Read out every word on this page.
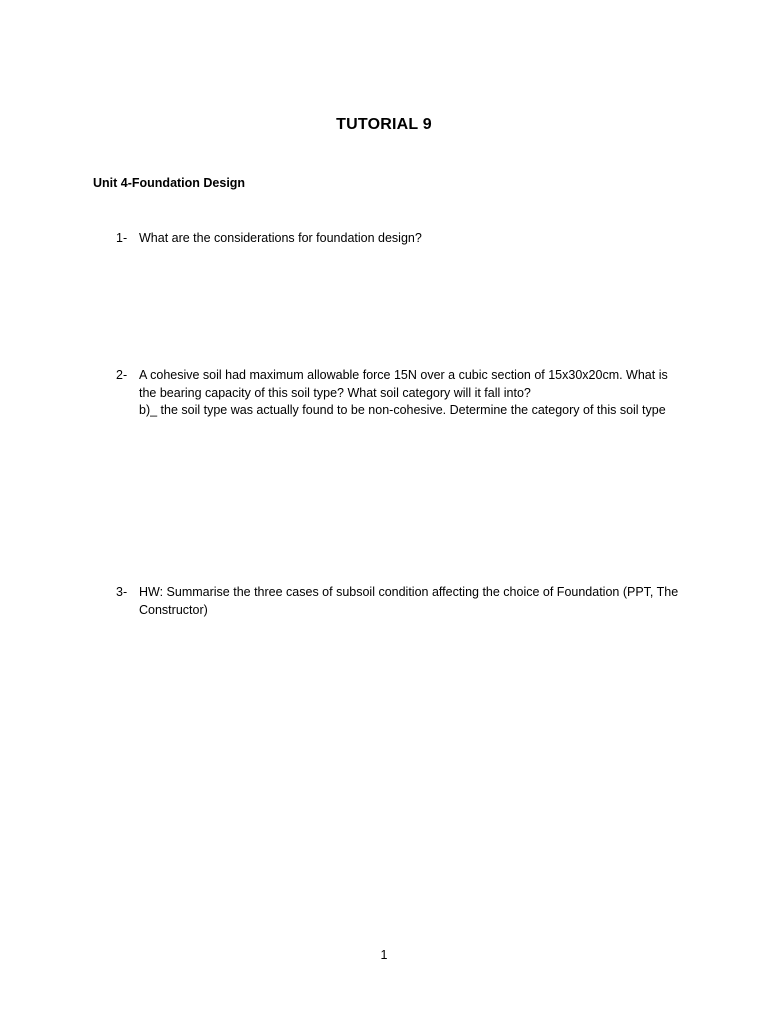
TUTORIAL 9
Unit 4-Foundation Design
1- What are the considerations for foundation design?
2- A cohesive soil had maximum allowable force 15N over a cubic section of 15x30x20cm. What is the bearing capacity of this soil type? What soil category will it fall into?
b)_ the soil type was actually found to be non-cohesive. Determine the category of this soil type
3- HW: Summarise the three cases of subsoil condition affecting the choice of Foundation (PPT, The Constructor)
1
